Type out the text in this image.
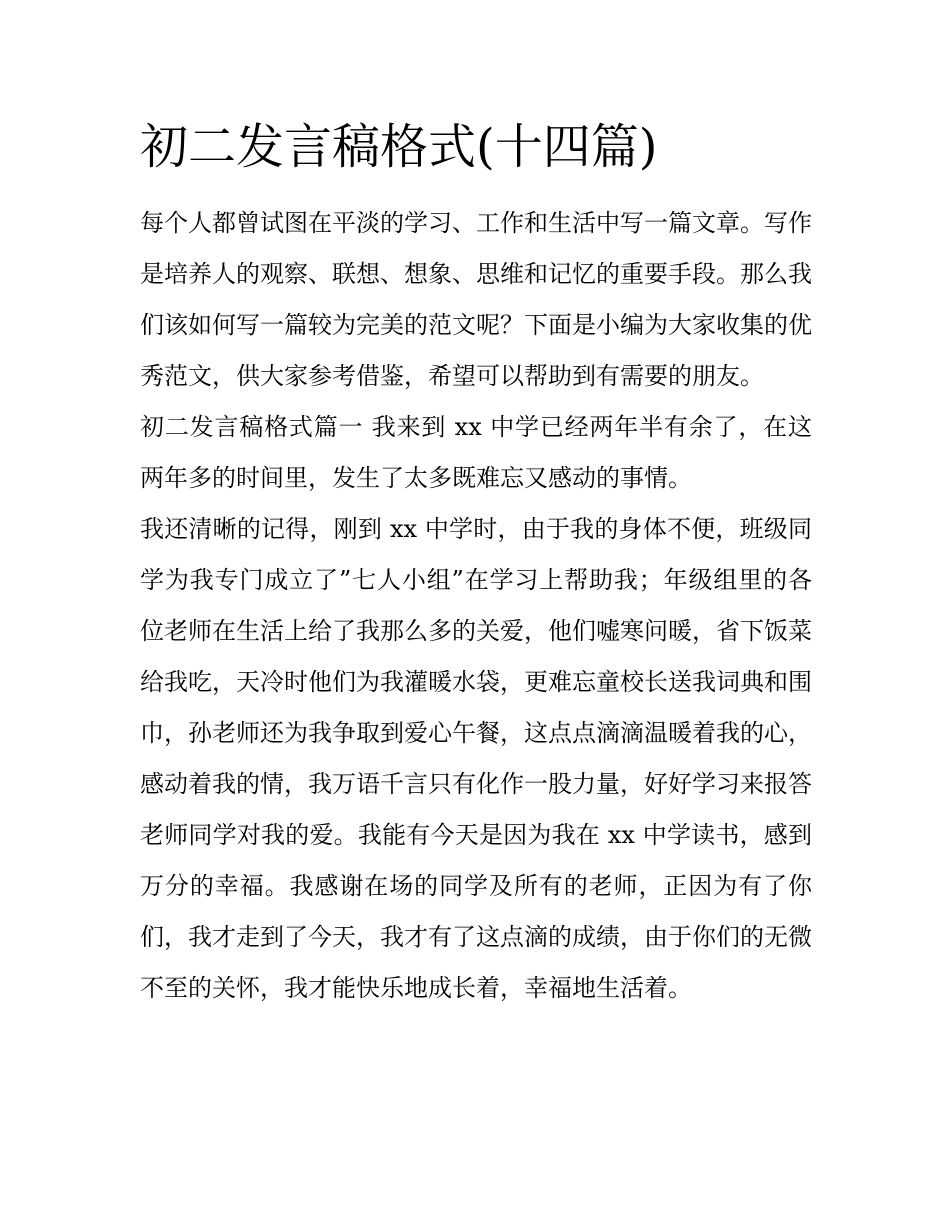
初二发言稿格式(十四篇)

每个人都曾试图在平淡的学习、工作和生活中写一篇文章。写作是培养人的观察、联想、想象、思维和记忆的重要手段。那么我们该如何写一篇较为完美的范文呢？下面是小编为大家收集的优秀范文，供大家参考借鉴，希望可以帮助到有需要的朋友。

初二发言稿格式篇一 我来到 xx 中学已经两年半有余了，在这两年多的时间里，发生了太多既难忘又感动的事情。

我还清晰的记得，刚到 xx 中学时，由于我的身体不便，班级同学为我专门成立了”七人小组”在学习上帮助我；年级组里的各位老师在生活上给了我那么多的关爱，他们嘘寒问暖，省下饭菜给我吃，天冷时他们为我灌暖水袋，更难忘童校长送我词典和围巾，孙老师还为我争取到爱心午餐，这点点滴滴温暖着我的心，感动着我的情，我万语千言只有化作一股力量，好好学习来报答老师同学对我的爱。我能有今天是因为我在 xx 中学读书，感到万分的幸福。我感谢在场的同学及所有的老师，正因为有了你们，我才走到了今天，我才有了这点滴的成绩，由于你们的无微不至的关怀，我才能快乐地成长着，幸福地生活着。
